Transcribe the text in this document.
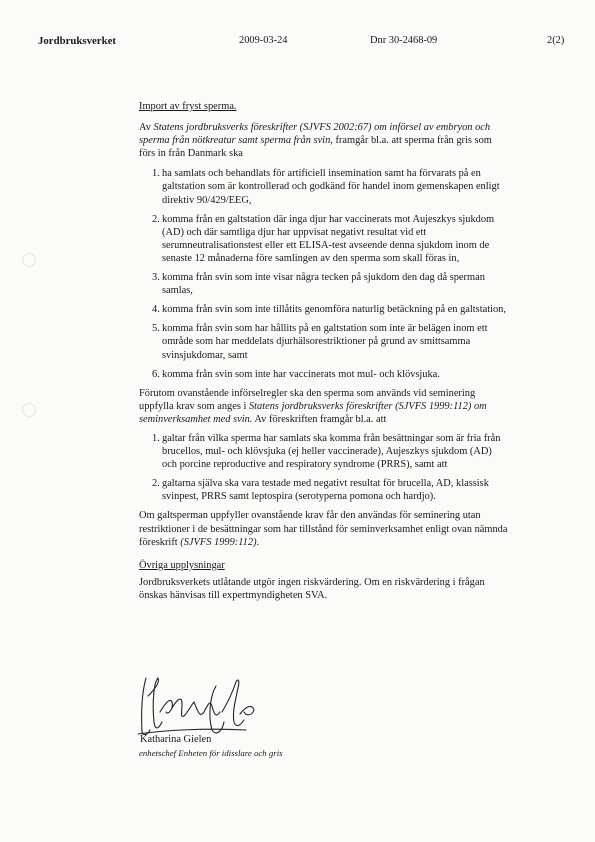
Jordbruksverket	2009-03-24	Dnr 30-2468-09	2(2)

Import av fryst sperma.

Av Statens jordbruksverks föreskrifter (SJVFS 2002:67) om införsel av embryon och sperma från nötkreatur samt sperma från svin, framgår bl.a. att sperma från gris som förs in från Danmark ska

1. ha samlats och behandlats för artificiell insemination samt ha förvarats på en galtstation som är kontrollerad och godkänd för handel inom gemenskapen enligt direktiv 90/429/EEG,
2. komma från en galtstation där inga djur har vaccinerats mot Aujeszkys sjukdom (AD) och där samtliga djur har uppvisat negativt resultat vid ett serumneutralisationstest eller ett ELISA-test avseende denna sjukdom inom de senaste 12 månaderna före samlingen av den sperma som skall föras in,
3. komma från svin som inte visar några tecken på sjukdom den dag då sperman samlas,
4. komma från svin som inte tillåtits genomföra naturlig betäckning på en galtstation,
5. komma från svin som har hållits på en galtstation som inte är belägen inom ett område som har meddelats djurhälsorestriktioner på grund av smittsamma svinsjukdomar, samt
6. komma från svin som inte har vaccinerats mot mul- och klövsjuka.

Förutom ovanstående införselregler ska den sperma som används vid seminering uppfylla krav som anges i Statens jordbruksverks föreskrifter (SJVFS 1999:112) om seminverksamhet med svin. Av föreskriften framgår bl.a. att

1. galtar från vilka sperma har samlats ska komma från besättningar som är fria från brucellos, mul- och klövsjuka (ej heller vaccinerade), Aujeszkys sjukdom (AD) och porcine reproductive and respiratory syndrome (PRRS), samt att
2. galtarna själva ska vara testade med negativt resultat för brucella, AD, klassisk svinpest, PRRS samt leptospira (serotyperna pomona och hardjo).

Om galtsperman uppfyller ovanstående krav får den användas för seminering utan restriktioner i de besättningar som har tillstånd för seminverksamhet enligt ovan nämnda föreskrift (SJVFS 1999:112).

Övriga upplysningar

Jordbruksverkets utlåtande utgör ingen riskvärdering. Om en riskvärdering i frågan önskas hänvisas till expertmyndigheten SVA.

Katharina Gielen
enhetschef Enheten för idisslare och gris
